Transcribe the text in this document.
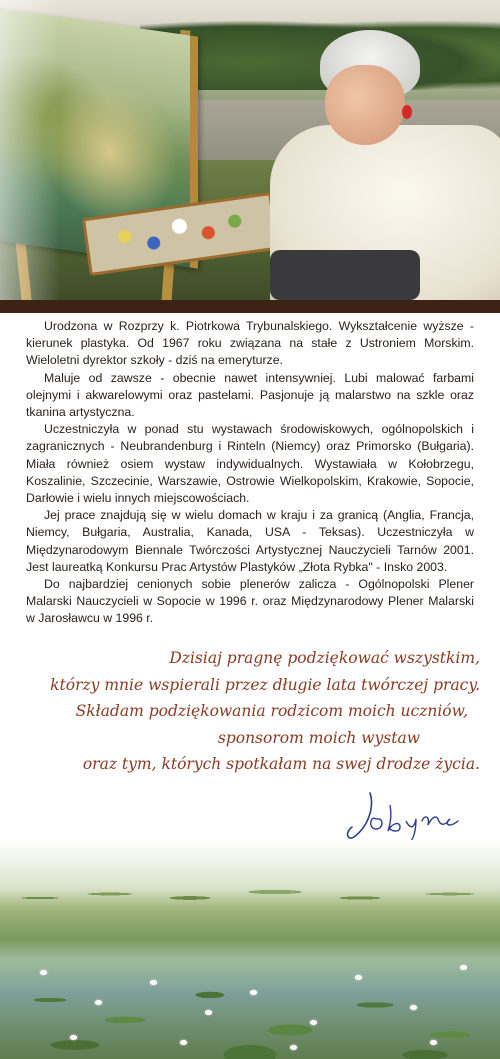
Urodzona w Rozprzy k. Piotrkowa Trybunalskiego. Wykształcenie wyższe - kierunek plastyka. Od 1967 roku związana na stałe z Ustroniem Morskim. Wieloletni dyrektor szkoły - dziś na emeryturze.

Maluje od zawsze - obecnie nawet intensywniej. Lubi malować farbami olejnymi i akwarelowymi oraz pastelami. Pasjonuje ją malarstwo na szkle oraz tkanina artystyczna.

Uczestniczyła w ponad stu wystawach środowiskowych, ogólnopolskich i zagranicznych - Neubrandenburg i Rinteln (Niemcy) oraz Primorsko (Bułgaria). Miała również osiem wystaw indywidualnych. Wystawiała w Kołobrzegu, Koszalinie, Szczecinie, Warszawie, Ostrowie Wielkopolskim, Krakowie, Sopocie, Darłowie i wielu innych miejscowościach.

Jej prace znajdują się w wielu domach w kraju i za granicą (Anglia, Francja, Niemcy, Bułgaria, Australia, Kanada, USA - Teksas). Uczestniczyła w Międzynarodowym Biennale Twórczości Artystycznej Nauczycieli Tarnów 2001. Jest laureatką Konkursu Prac Artystów Plastyków „Złota Rybka" - Insko 2003.

Do najbardziej cenionych sobie plenerów zalicza - Ogólnopolski Plener Malarski Nauczycieli w Sopocie w 1996 r. oraz Międzynarodowy Plener Malarski w Jarosławcu w 1996 r.

Dzisiaj pragnę podziękować wszystkim,
którzy mnie wspierali przez długie lata twórczej pracy.
Składam podziękowania rodzicom moich uczniów,
sponsorom moich wystaw
oraz tym, których spotkałam na swej drodze życia.
